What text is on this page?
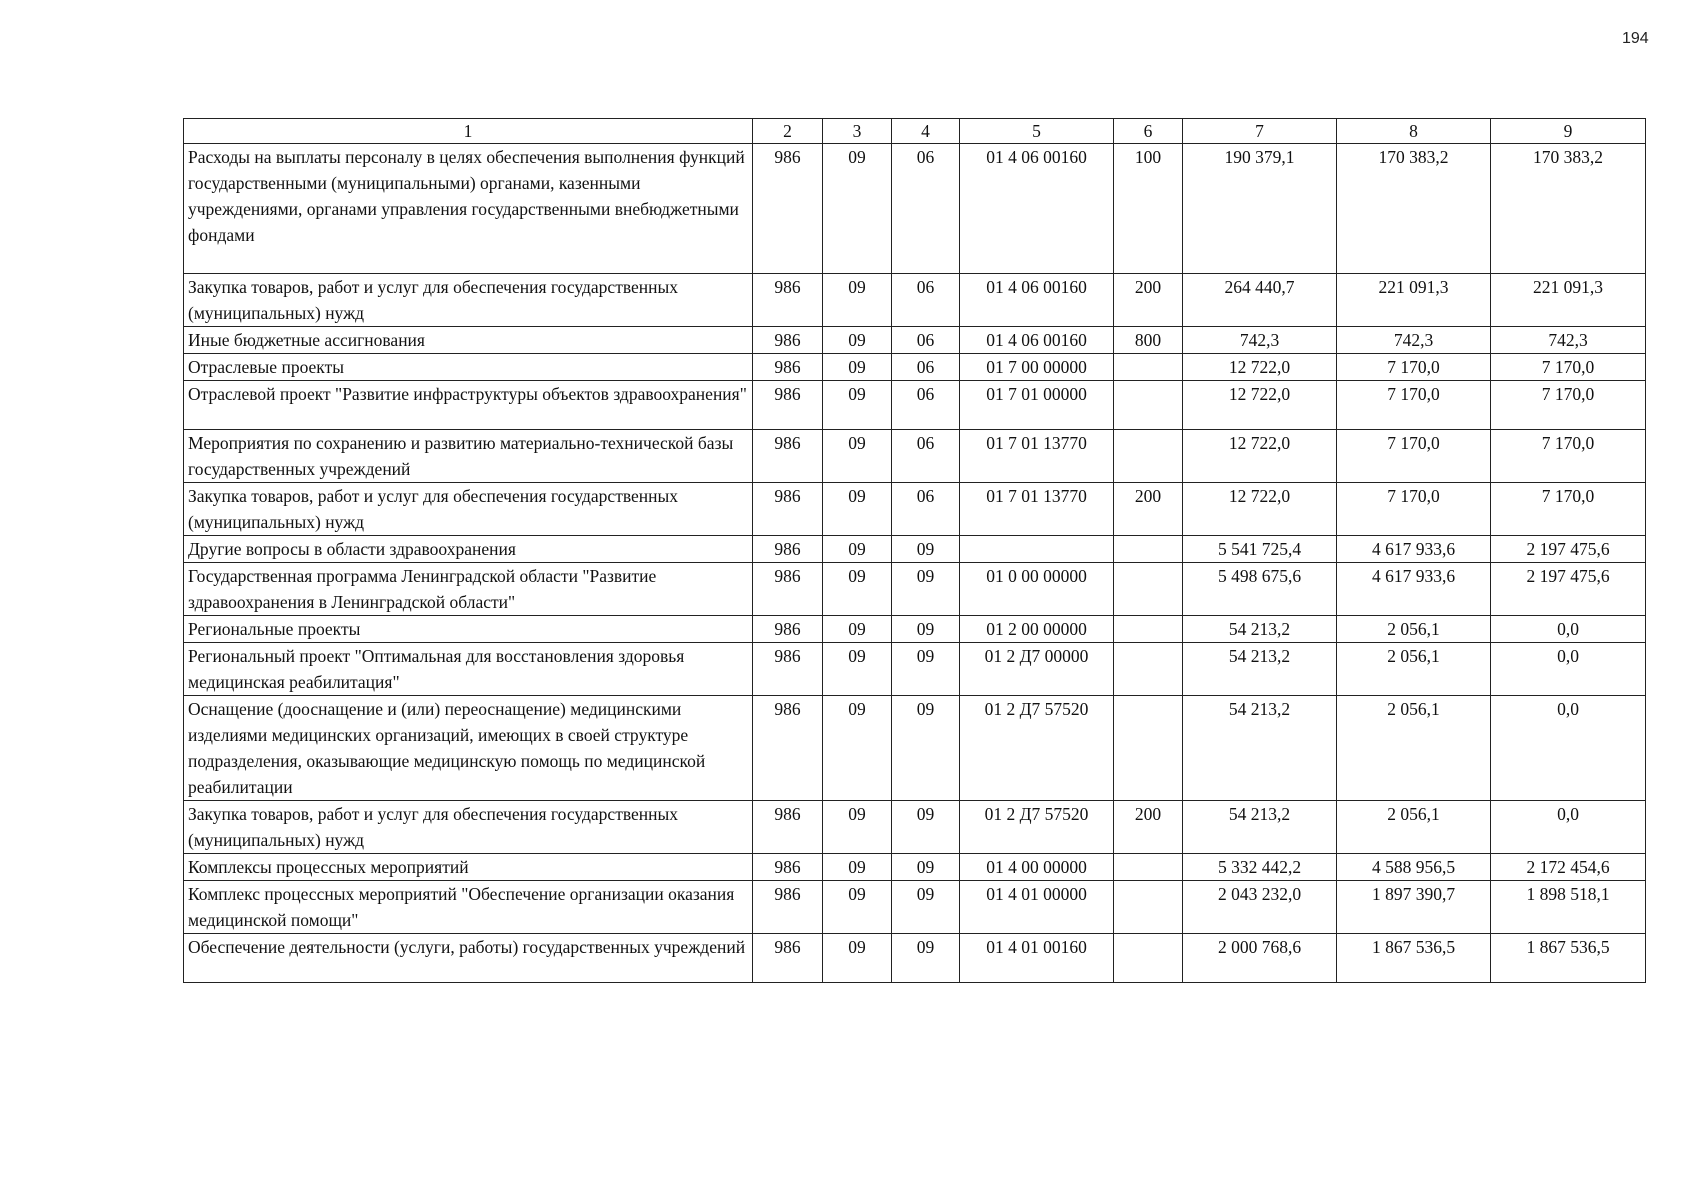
194
1	2	3	4	5	6	7	8	9
Расходы на выплаты персоналу в целях обеспечения выполнения функций государственными (муниципальными) органами, казенными учреждениями, органами управления государственными внебюджетными фондами	986	09	06	01 4 06 00160	100	190 379,1	170 383,2	170 383,2
Закупка товаров, работ и услуг для обеспечения государственных (муниципальных) нужд	986	09	06	01 4 06 00160	200	264 440,7	221 091,3	221 091,3
Иные бюджетные ассигнования	986	09	06	01 4 06 00160	800	742,3	742,3	742,3
Отраслевые проекты	986	09	06	01 7 00 00000		12 722,0	7 170,0	7 170,0
Отраслевой проект "Развитие инфраструктуры объектов здравоохранения"	986	09	06	01 7 01 00000		12 722,0	7 170,0	7 170,0
Мероприятия по сохранению и развитию материально-технической базы государственных учреждений	986	09	06	01 7 01 13770		12 722,0	7 170,0	7 170,0
Закупка товаров, работ и услуг для обеспечения государственных (муниципальных) нужд	986	09	06	01 7 01 13770	200	12 722,0	7 170,0	7 170,0
Другие вопросы в области здравоохранения	986	09	09			5 541 725,4	4 617 933,6	2 197 475,6
Государственная программа Ленинградской области "Развитие здравоохранения в Ленинградской области"	986	09	09	01 0 00 00000		5 498 675,6	4 617 933,6	2 197 475,6
Региональные проекты	986	09	09	01 2 00 00000		54 213,2	2 056,1	0,0
Региональный проект "Оптимальная для восстановления здоровья медицинская реабилитация"	986	09	09	01 2 Д7 00000		54 213,2	2 056,1	0,0
Оснащение (дооснащение и (или) переоснащение) медицинскими изделиями медицинских организаций, имеющих в своей структуре подразделения, оказывающие медицинскую помощь по медицинской реабилитации	986	09	09	01 2 Д7 57520		54 213,2	2 056,1	0,0
Закупка товаров, работ и услуг для обеспечения государственных (муниципальных) нужд	986	09	09	01 2 Д7 57520	200	54 213,2	2 056,1	0,0
Комплексы процессных мероприятий	986	09	09	01 4 00 00000		5 332 442,2	4 588 956,5	2 172 454,6
Комплекс процессных мероприятий "Обеспечение организации оказания медицинской помощи"	986	09	09	01 4 01 00000		2 043 232,0	1 897 390,7	1 898 518,1
Обеспечение деятельности (услуги, работы) государственных учреждений	986	09	09	01 4 01 00160		2 000 768,6	1 867 536,5	1 867 536,5
